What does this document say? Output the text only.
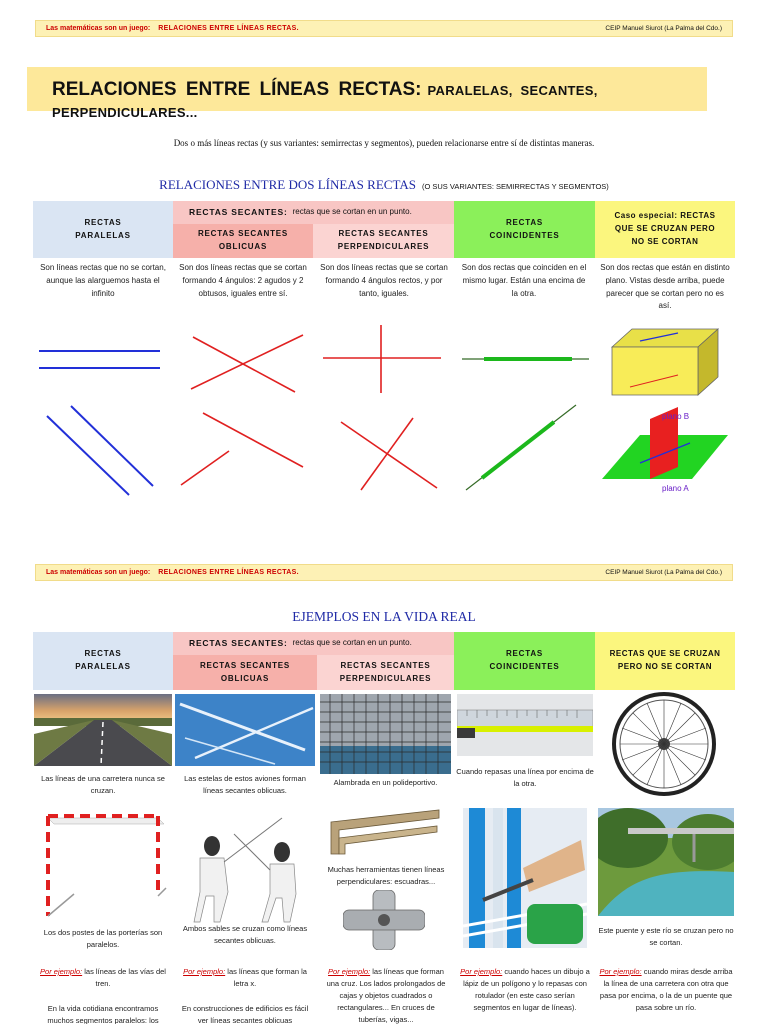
Las matemáticas son un juego: RELACIONES ENTRE LÍNEAS RECTAS.	CEIP Manuel Siurot (La Palma del Cdo.)
RELACIONES ENTRE LÍNEAS RECTAS: PARALELAS, SECANTES, PERPENDICULARES...
Dos o más líneas rectas (y sus variantes: semirrectas y segmentos), pueden relacionarse entre sí de distintas maneras.
RELACIONES ENTRE DOS LÍNEAS RECTAS (O SUS VARIANTES: SEMIRRECTAS Y SEGMENTOS)
RECTAS
PARALELAS
RECTAS SECANTES: rectas que se cortan en un punto.
RECTAS SECANTES
OBLICUAS
RECTAS SECANTES
PERPENDICULARES
RECTAS
COINCIDENTES
Caso especial: RECTAS
QUE SE CRUZAN PERO
NO SE CORTAN
Son líneas rectas que no se cortan, aunque las alarguemos hasta el infinito
Son dos líneas rectas que se cortan formando 4 ángulos: 2 agudos y 2 obtusos, iguales entre sí.
Son dos líneas rectas que se cortan formando 4 ángulos rectos, y por tanto, iguales.
Son dos rectas que coinciden en el mismo lugar. Están una encima de la otra.
Son dos rectas que están en distinto plano. Vistas desde arriba, puede parecer que se cortan pero no es así.
plano B
plano A
Las matemáticas son un juego: RELACIONES ENTRE LÍNEAS RECTAS.	CEIP Manuel Siurot (La Palma del Cdo.)
EJEMPLOS EN LA VIDA REAL
RECTAS
PARALELAS
RECTAS SECANTES: rectas que se cortan en un punto.
RECTAS SECANTES
OBLICUAS
RECTAS SECANTES
PERPENDICULARES
RECTAS
COINCIDENTES
RECTAS QUE SE CRUZAN
PERO NO SE CORTAN
Las líneas de una carretera nunca se cruzan.
Las estelas de estos aviones forman líneas secantes oblicuas.
Alambrada en un polideportivo.
Cuando repasas una línea por encima de la otra.
Muchas herramientas tienen líneas perpendiculares: escuadras...
Los dos postes de las porterías son paralelos.
Ambos sables se cruzan como líneas secantes oblicuas.
Este puente y este río se cruzan pero no se cortan.
Por ejemplo: las líneas de las vías del tren.
Por ejemplo: las líneas que forman la letra x.
Por ejemplo: las líneas que forman una cruz. Los lados prolongados de cajas y objetos cuadrados o rectangulares... En cruces de tuberías, vigas...
Por ejemplo: cuando haces un dibujo a lápiz de un polígono y lo repasas con rotulador (en este caso serían segmentos en lugar de líneas).
Por ejemplo: cuando miras desde arriba la línea de una carretera con otra que pasa por encima, o la de un puente que pasa sobre un río.
En la vida cotidiana encontramos muchos segmentos paralelos: los
En construcciones de edificios es fácil ver líneas secantes oblicuas
